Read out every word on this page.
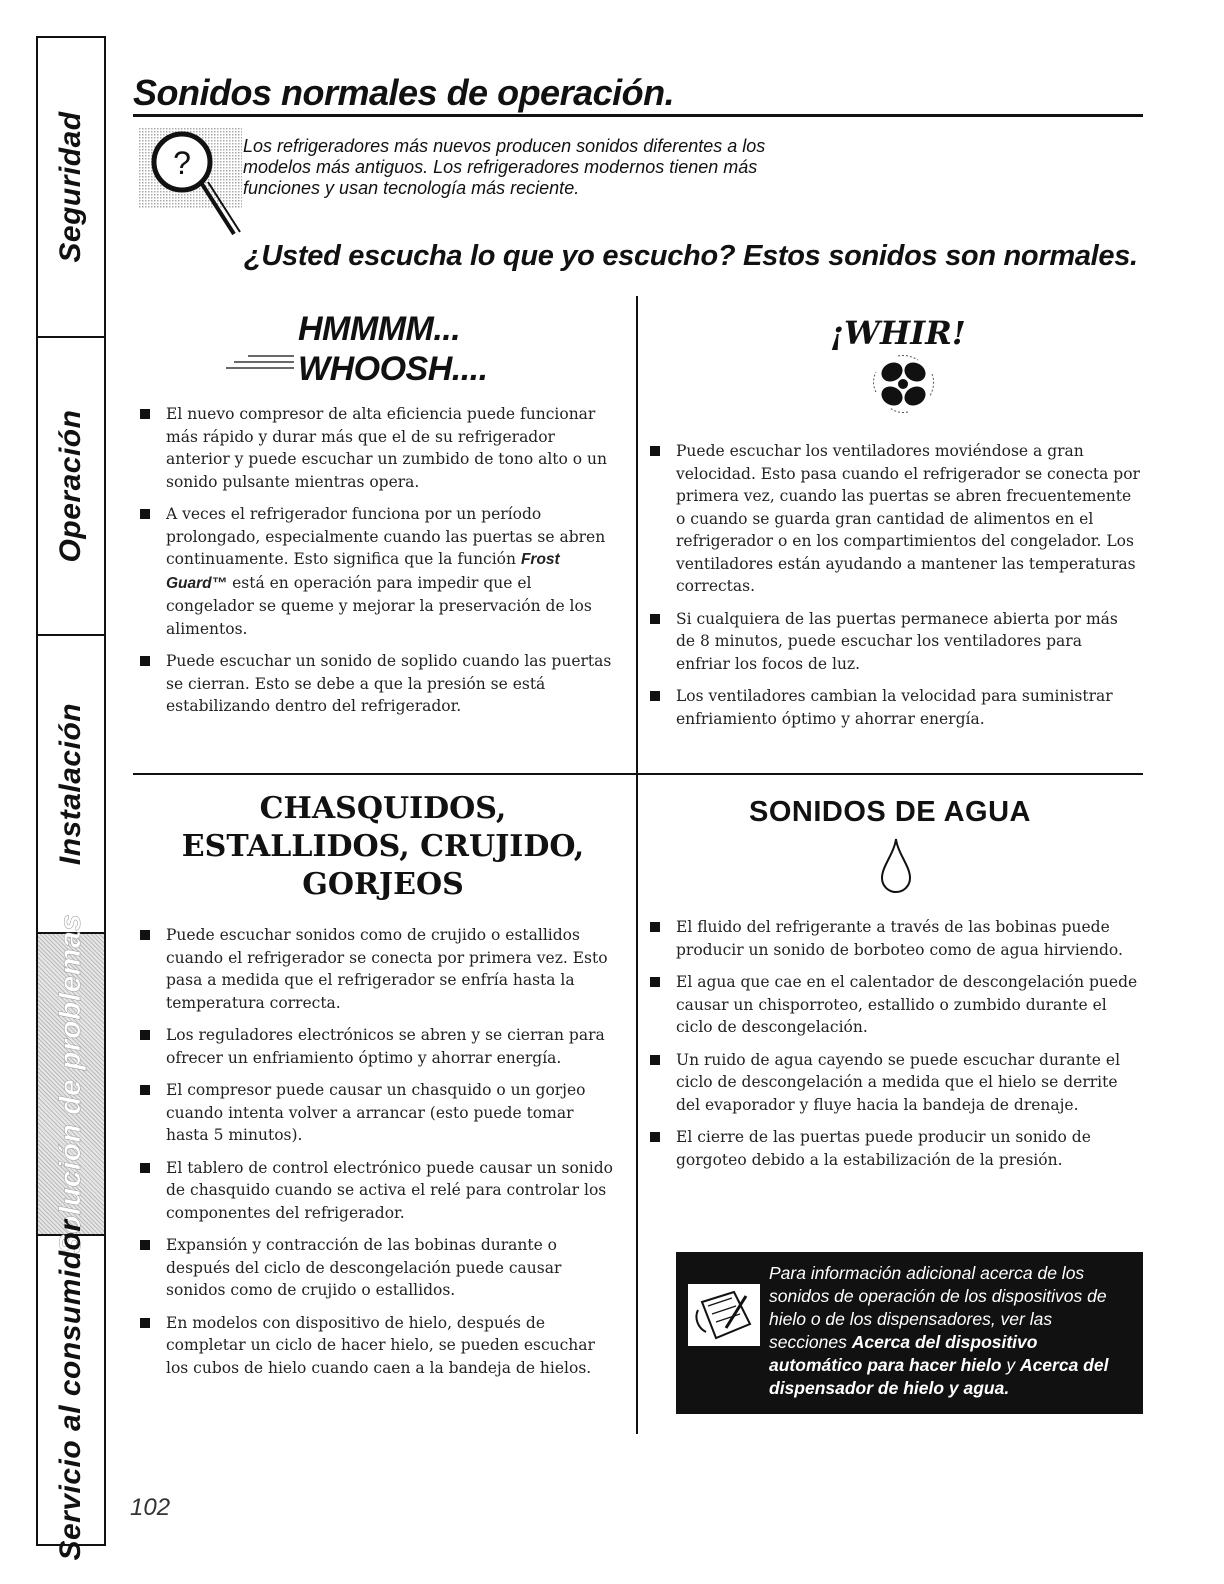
Seguridad
Operación
Instalación
Solución de problemas
Servicio al consumidor
Sonidos normales de operación.
?	Los refrigeradores más nuevos producen sonidos diferentes a los modelos más antiguos. Los refrigeradores modernos tienen más funciones y usan tecnología más reciente.
¿Usted escucha lo que yo escucho? Estos sonidos son normales.
HMMMM...
WHOOSH....
El nuevo compresor de alta eficiencia puede funcionar más rápido y durar más que el de su refrigerador anterior y puede escuchar un zumbido de tono alto o un sonido pulsante mientras opera.
A veces el refrigerador funciona por un período prolongado, especialmente cuando las puertas se abren continuamente. Esto significa que la función Frost Guard™ está en operación para impedir que el congelador se queme y mejorar la preservación de los alimentos.
Puede escuchar un sonido de soplido cuando las puertas se cierran. Esto se debe a que la presión se está estabilizando dentro del refrigerador.
¡WHIR!
Puede escuchar los ventiladores moviéndose a gran velocidad. Esto pasa cuando el refrigerador se conecta por primera vez, cuando las puertas se abren frecuentemente o cuando se guarda gran cantidad de alimentos en el refrigerador o en los compartimientos del congelador. Los ventiladores están ayudando a mantener las temperaturas correctas.
Si cualquiera de las puertas permanece abierta por más de 8 minutos, puede escuchar los ventiladores para enfriar los focos de luz.
Los ventiladores cambian la velocidad para suministrar enfriamiento óptimo y ahorrar energía.
CHASQUIDOS,
ESTALLIDOS, CRUJIDO,
GORJEOS
Puede escuchar sonidos como de crujido o estallidos cuando el refrigerador se conecta por primera vez. Esto pasa a medida que el refrigerador se enfría hasta la temperatura correcta.
Los reguladores electrónicos se abren y se cierran para ofrecer un enfriamiento óptimo y ahorrar energía.
El compresor puede causar un chasquido o un gorjeo cuando intenta volver a arrancar (esto puede tomar hasta 5 minutos).
El tablero de control electrónico puede causar un sonido de chasquido cuando se activa el relé para controlar los componentes del refrigerador.
Expansión y contracción de las bobinas durante o después del ciclo de descongelación puede causar sonidos como de crujido o estallidos.
En modelos con dispositivo de hielo, después de completar un ciclo de hacer hielo, se pueden escuchar los cubos de hielo cuando caen a la bandeja de hielos.
SONIDOS DE AGUA
El fluido del refrigerante a través de las bobinas puede producir un sonido de borboteo como de agua hirviendo.
El agua que cae en el calentador de descongelación puede causar un chisporroteo, estallido o zumbido durante el ciclo de descongelación.
Un ruido de agua cayendo se puede escuchar durante el ciclo de descongelación a medida que el hielo se derrite del evaporador y fluye hacia la bandeja de drenaje.
El cierre de las puertas puede producir un sonido de gorgoteo debido a la estabilización de la presión.
Para información adicional acerca de los sonidos de operación de los dispositivos de hielo o de los dispensadores, ver las secciones Acerca del dispositivo automático para hacer hielo y Acerca del dispensador de hielo y agua.
102
